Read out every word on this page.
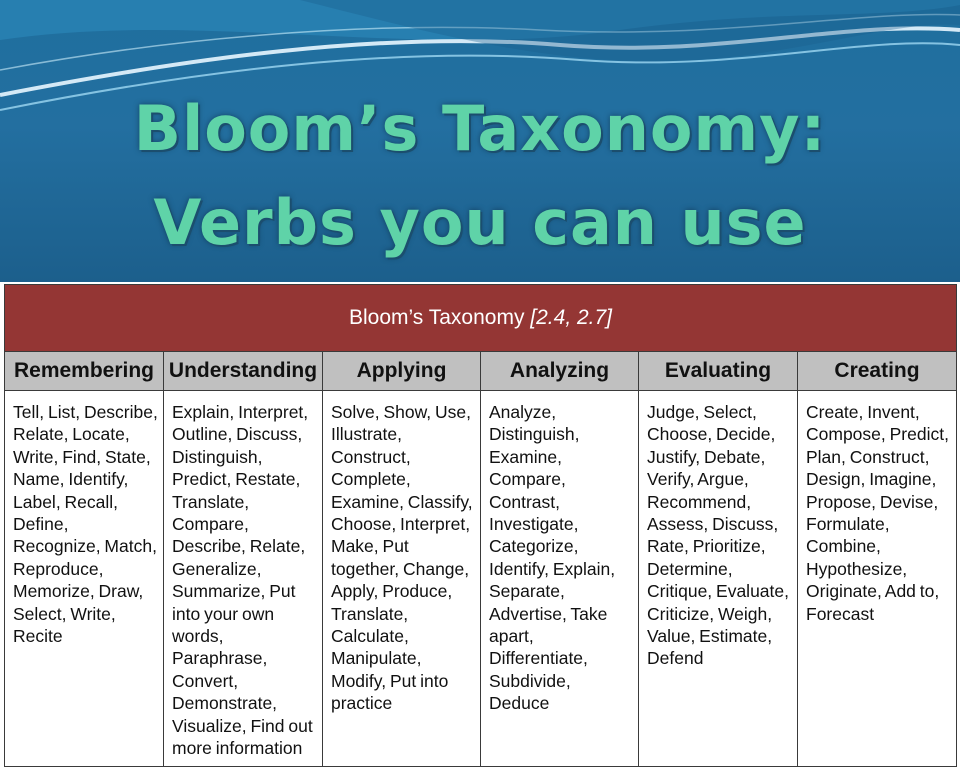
Bloom’s Taxonomy:
Verbs you can use
Bloom’s Taxonomy [2.4, 2.7]					
Remembering	Understanding	Applying	Analyzing	Evaluating	Creating
Tell, List, Describe, Relate, Locate, Write, Find, State, Name, Identify, Label, Recall, Define, Recognize, Match, Reproduce, Memorize, Draw, Select, Write, Recite	Explain, Interpret, Outline, Discuss, Distinguish, Predict, Restate, Translate, Compare, Describe, Relate, Generalize, Summarize, Put into your own words, Paraphrase, Convert, Demonstrate, Visualize, Find out more information	Solve, Show, Use, Illustrate, Construct, Complete, Examine, Classify, Choose, Interpret, Make, Put together, Change, Apply, Produce, Translate, Calculate, Manipulate, Modify, Put into practice	Analyze, Distinguish, Examine, Compare, Contrast, Investigate, Categorize, Identify, Explain, Separate, Advertise, Take apart, Differentiate, Subdivide, Deduce	Judge, Select, Choose, Decide, Justify, Debate, Verify, Argue, Recommend, Assess, Discuss, Rate, Prioritize, Determine, Critique, Evaluate, Criticize, Weigh, Value, Estimate, Defend	Create, Invent, Compose, Predict, Plan, Construct, Design, Imagine, Propose, Devise, Formulate, Combine, Hypothesize, Originate, Add to, Forecast
